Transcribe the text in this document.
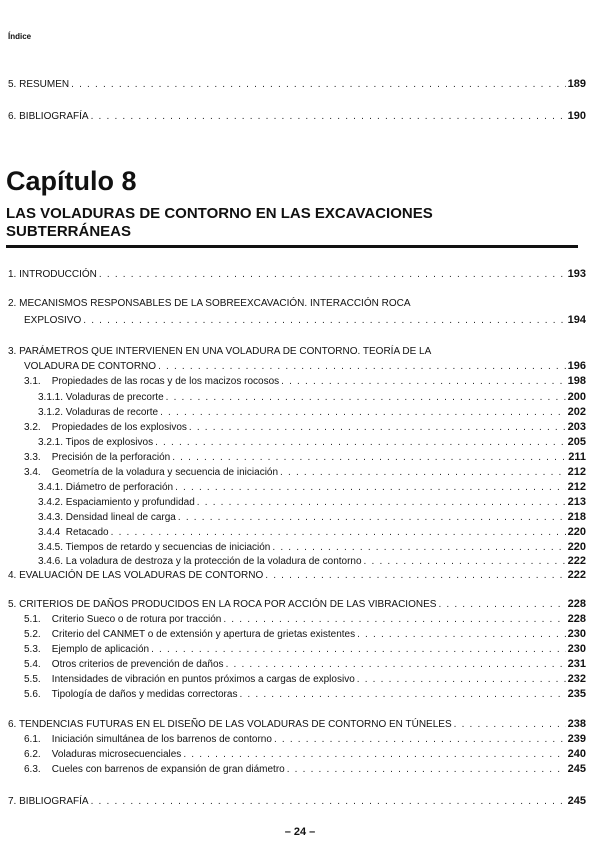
Índice
5. RESUMEN . . .	189
6. BIBLIOGRAFÍA . . .	190
Capítulo 8
LAS VOLADURAS DE CONTORNO EN LAS EXCAVACIONES
SUBTERRÁNEAS
1. INTRODUCCIÓN . . .	193
2. MECANISMOS RESPONSABLES DE LA SOBREEXCAVACIÓN. INTERACCIÓN ROCA
EXPLOSIVO . . .	194
3. PARÁMETROS QUE INTERVIENEN EN UNA VOLADURA DE CONTORNO. TEORÍA DE LA
VOLADURA DE CONTORNO . . .	196
3.1.    Propiedades de las rocas y de los macizos rocosos . . .	198
3.1.1. Voladuras de precorte . . .	200
3.1.2. Voladuras de recorte . . .	202
3.2.    Propiedades de los explosivos . . .	203
3.2.1. Tipos de explosivos . . .	205
3.3.    Precisión de la perforación . . .	211
3.4.    Geometría de la voladura y secuencia de iniciación . . .	212
3.4.1. Diámetro de perforación . . .	212
3.4.2. Espaciamiento y profundidad . . .	213
3.4.3. Densidad lineal de carga . . .	218
3.4.4  Retacado . . .	220
3.4.5. Tiempos de retardo y secuencias de iniciación . . .	220
3.4.6. La voladura de destroza y la protección de la voladura de contorno . . .	222
4. EVALUACIÓN DE LAS VOLADURAS DE CONTORNO . . .	222
5. CRITERIOS DE DAÑOS PRODUCIDOS EN LA ROCA POR ACCIÓN DE LAS VIBRACIONES . . .	228
5.1.    Criterio Sueco o de rotura por tracción . . .	228
5.2.    Criterio del CANMET o de extensión y apertura de grietas existentes . . .	230
5.3.    Ejemplo de aplicación . . .	230
5.4.    Otros criterios de prevención de daños . . .	231
5.5.    Intensidades de vibración en puntos próximos a cargas de explosivo . . .	232
5.6.    Tipología de daños y medidas correctoras . . .	235
6. TENDENCIAS FUTURAS EN EL DISEÑO DE LAS VOLADURAS DE CONTORNO EN TÚNELES . . .	238
6.1.    Iniciación simultánea de los barrenos de contorno . . .	239
6.2.    Voladuras microsecuenciales . . .	240
6.3.    Cueles con barrenos de expansión de gran diámetro . . .	245
7. BIBLIOGRAFÍA . . .	245
– 24 –
